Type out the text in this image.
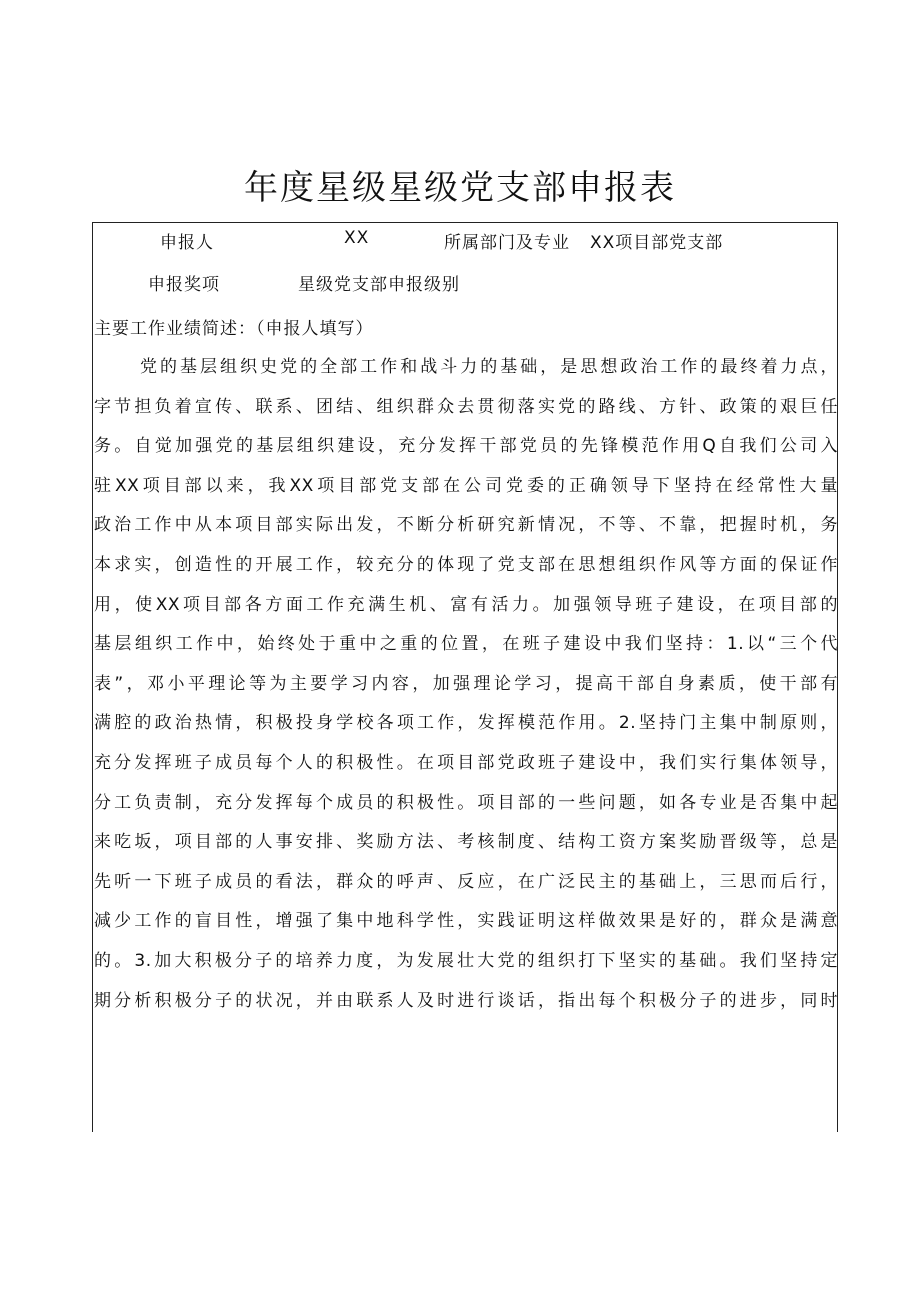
年度星级星级党支部申报表
申报人	XX	所属部门及专业 XX项目部党支部
申报奖项	星级党支部申报级别
主要工作业绩简述：（申报人填写）
党的基层组织史党的全部工作和战斗力的基础，是思想政治工作的最终着力点，
字节担负着宣传、联系、团结、组织群众去贯彻落实党的路线、方针、政策的艰巨任
务。自觉加强党的基层组织建设，充分发挥干部党员的先锋模范作用Q自我们公司入
驻XX项目部以来，我XX项目部党支部在公司党委的正确领导下坚持在经常性大量
政治工作中从本项目部实际出发，不断分析研究新情况，不等、不靠，把握时机，务
本求实，创造性的开展工作，较充分的体现了党支部在思想组织作风等方面的保证作
用，使XX项目部各方面工作充满生机、富有活力。加强领导班子建设，在项目部的
基层组织工作中，始终处于重中之重的位置，在班子建设中我们坚持：1.以“三个代
表”，邓小平理论等为主要学习内容，加强理论学习，提高干部自身素质，使干部有
满腔的政治热情，积极投身学校各项工作，发挥模范作用。2.坚持门主集中制原则，
充分发挥班子成员每个人的积极性。在项目部党政班子建设中，我们实行集体领导，
分工负责制，充分发挥每个成员的积极性。项目部的一些问题，如各专业是否集中起
来吃坂，项目部的人事安排、奖励方法、考核制度、结构工资方案奖励晋级等，总是
先听一下班子成员的看法，群众的呼声、反应，在广泛民主的基础上，三思而后行，
减少工作的盲目性，增强了集中地科学性，实践证明这样做效果是好的，群众是满意
的。3.加大积极分子的培养力度，为发展壮大党的组织打下坚实的基础。我们坚持定
期分析积极分子的状况，并由联系人及时进行谈话，指出每个积极分子的进步，同时
